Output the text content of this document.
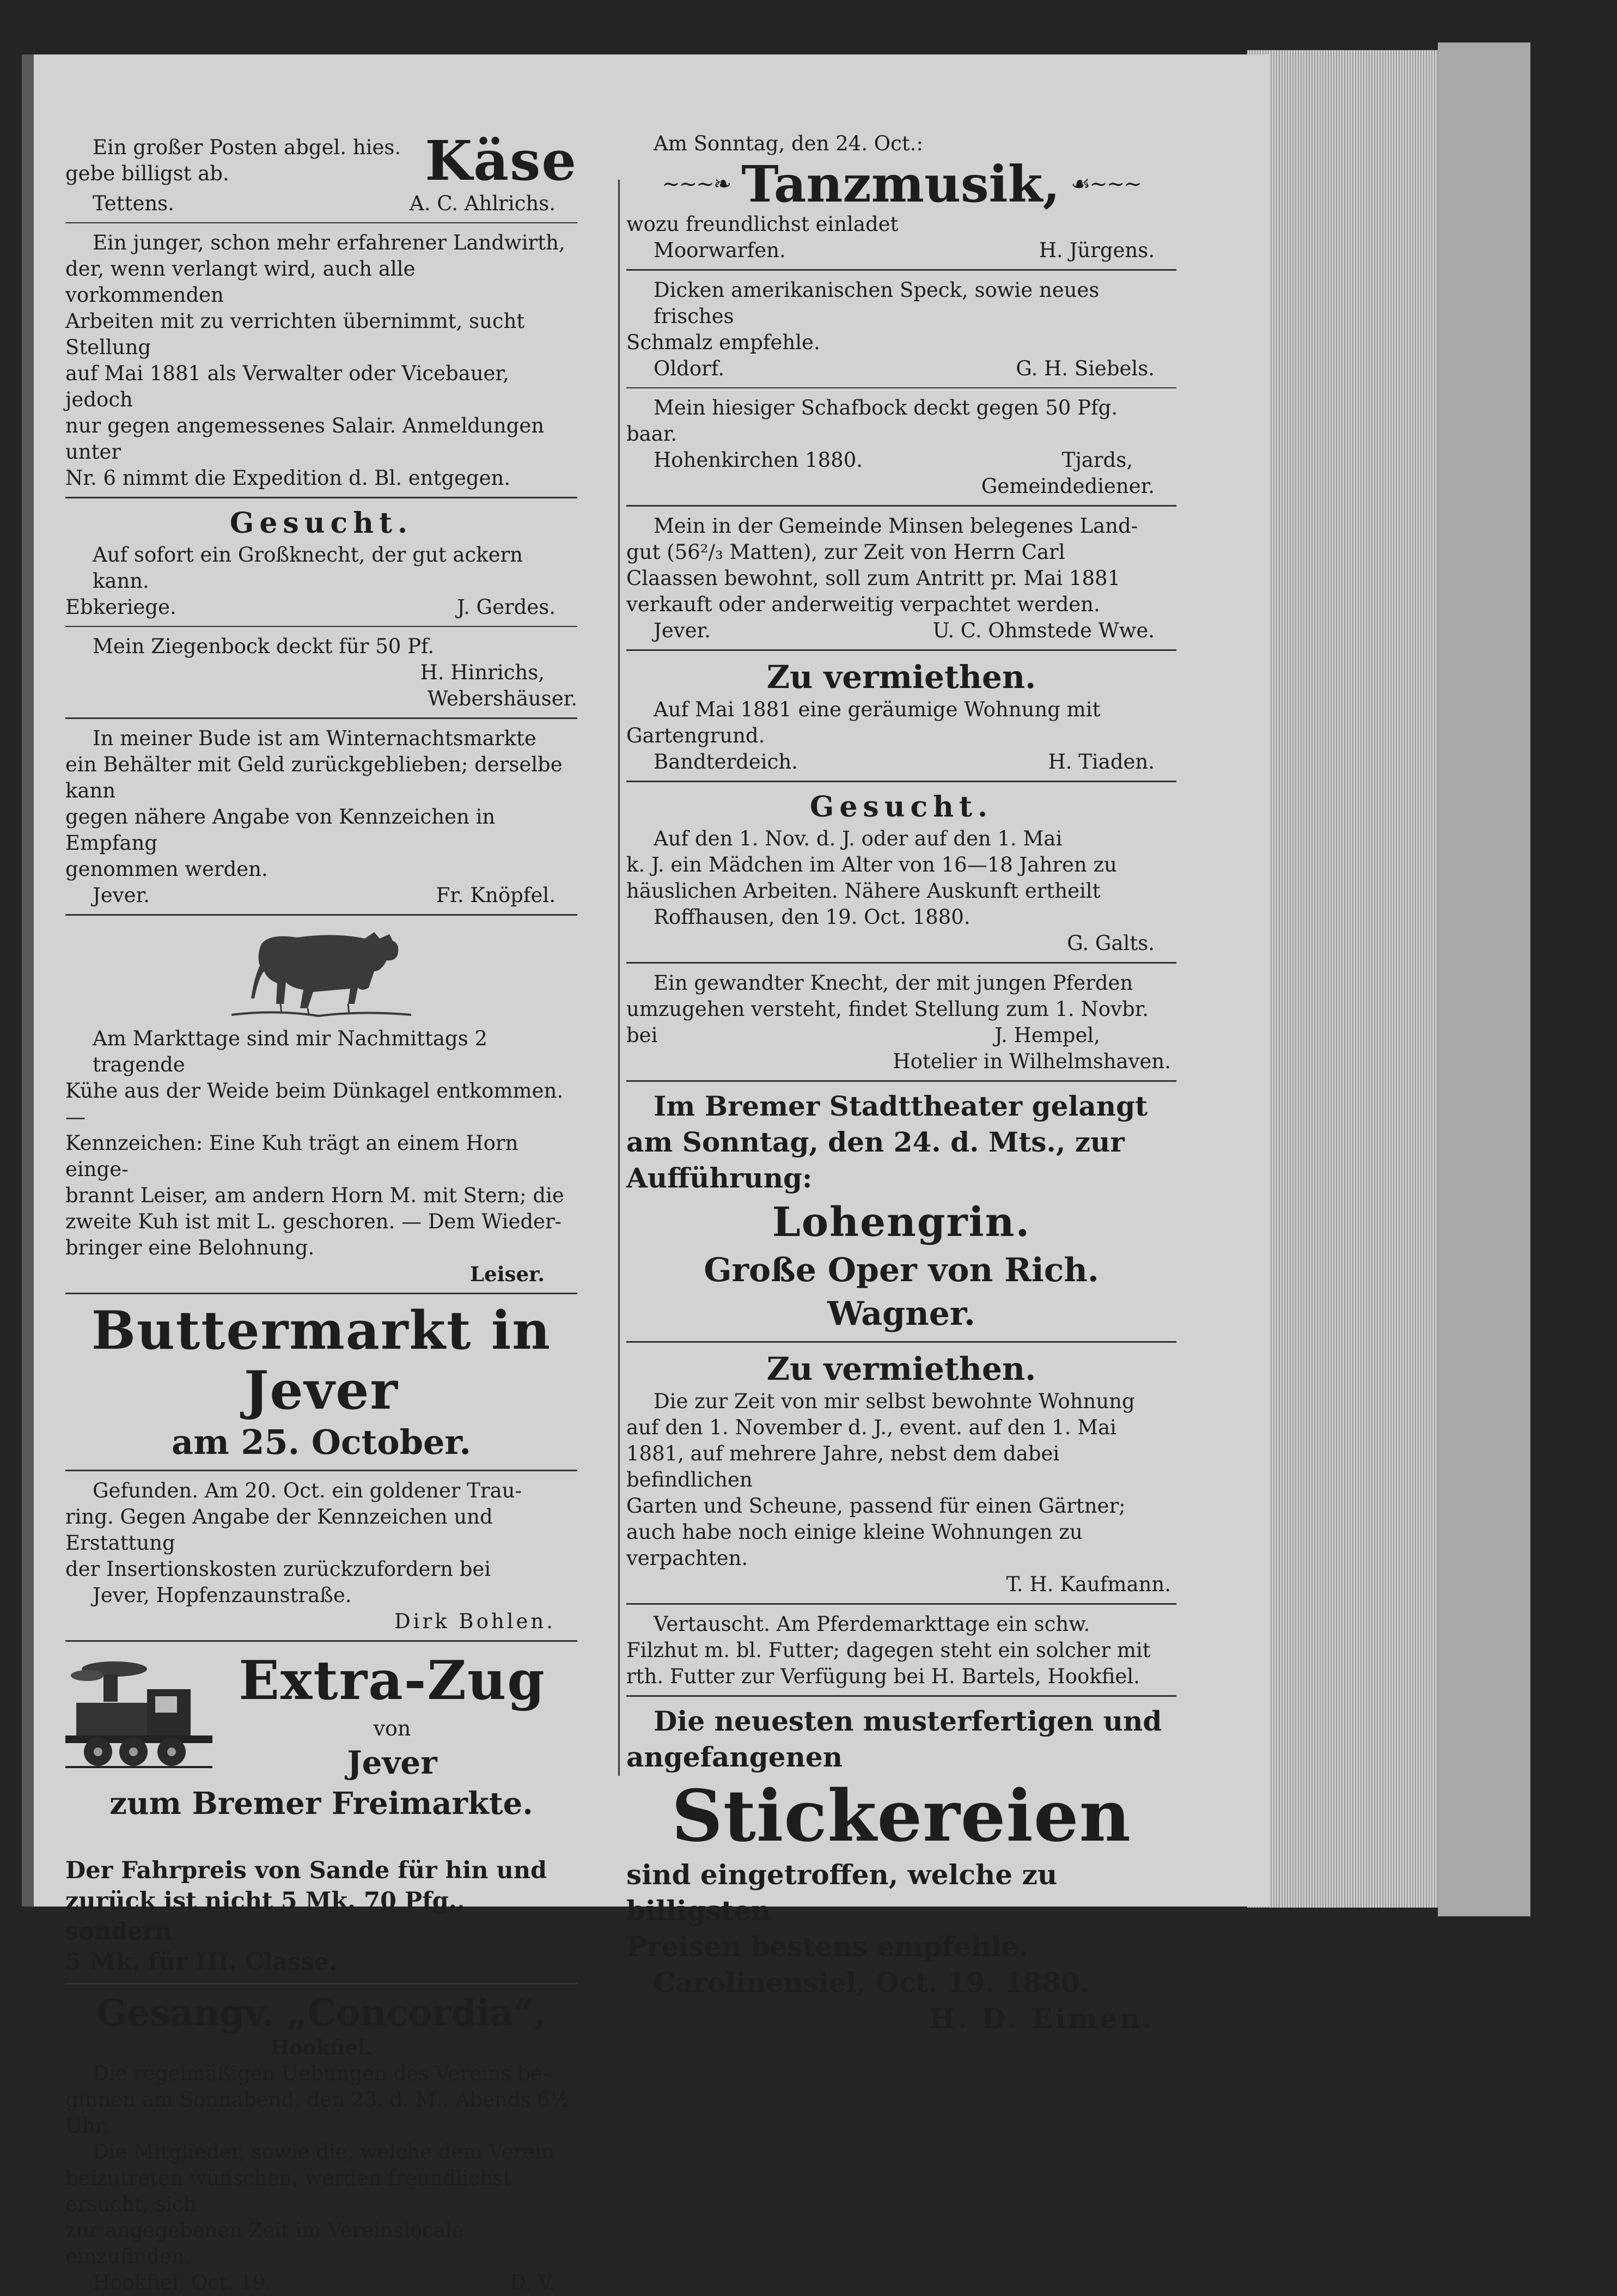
Ein großer Posten abgel. hies.

gebe billigst ab.	Käse
Tettens.	A. C. Ahlrichs.

Ein junger, schon mehr erfahrener Landwirth,

der, wenn verlangt wird, auch alle vorkommenden

Arbeiten mit zu verrichten übernimmt, sucht Stellung

auf Mai 1881 als Verwalter oder Vicebauer, jedoch

nur gegen angemessenes Salair. Anmeldungen unter

Nr. 6 nimmt die Expedition d. Bl. entgegen.

Gesucht.

Auf sofort ein Großknecht, der gut ackern kann.

Ebkeriege.	J. Gerdes.

Mein Ziegenbock deckt für 50 Pf.

H. Hinrichs,

Webershäuser.

In meiner Bude ist am Winternachtsmarkte

ein Behälter mit Geld zurückgeblieben; derselbe kann

gegen nähere Angabe von Kennzeichen in Empfang

genommen werden.

Jever.	Fr. Knöpfel.

Am Markttage sind mir Nachmittags 2 tragende

Kühe aus der Weide beim Dünkagel entkommen. —

Kennzeichen: Eine Kuh trägt an einem Horn einge-

brannt Leiser, am andern Horn M. mit Stern; die

zweite Kuh ist mit L. geschoren. — Dem Wieder-

bringer eine Belohnung.

Leiser.

Buttermarkt in Jever

am 25. October.

Gefunden. Am 20. Oct. ein goldener Trau-

ring. Gegen Angabe der Kennzeichen und Erstattung

der Insertionskosten zurückzufordern bei

Jever, Hopfenzaunstraße.

Dirk Bohlen.

Extra-Zug
von
Jever
zum Bremer Freimarkte.

Der Fahrpreis von Sande für hin und

zurück ist nicht 5 Mk. 70 Pfg., sondern

5 Mk. für III. Classe.

Gesangv. „Concordia“,

Hookfiel.

Die regelmäßigen Uebungen des Vereins be-

ginnen am Sonnabend, den 23. d. M., Abends 6½ Uhr.

Die Mitglieder, sowie die, welche dem Verein

beizutreten wünschen, werden freundlichst ersucht, sich

zur angegebenen Zeit im Vereinslocale einzufinden.

Hookfiel, Oct. 19.	D. V.

Am Sonntag, den 24. Oct.:

∼∼∼❧ Tanzmusik, ☙∼∼∼

wozu freundlichst einladet

Moorwarfen.	H. Jürgens.

Dicken amerikanischen Speck, sowie neues frisches

Schmalz empfehle.

Oldorf.	G. H. Siebels.

Mein hiesiger Schafbock deckt gegen 50 Pfg.

baar.

Hohenkirchen 1880.	Tjards,

Gemeindediener.

Mein in der Gemeinde Minsen belegenes Land-

gut (56²/₃ Matten), zur Zeit von Herrn Carl

Claassen bewohnt, soll zum Antritt pr. Mai 1881

verkauft oder anderweitig verpachtet werden.

Jever.	U. C. Ohmstede Wwe.

Zu vermiethen.

Auf Mai 1881 eine geräumige Wohnung mit

Gartengrund.

Bandterdeich.	H. Tiaden.

Gesucht.

Auf den 1. Nov. d. J. oder auf den 1. Mai

k. J. ein Mädchen im Alter von 16—18 Jahren zu

häuslichen Arbeiten. Nähere Auskunft ertheilt

Roffhausen, den 19. Oct. 1880.

G. Galts.

Ein gewandter Knecht, der mit jungen Pferden

umzugehen versteht, findet Stellung zum 1. Novbr.

bei	J. Hempel,

Hotelier in Wilhelmshaven.

Im Bremer Stadttheater gelangt

am Sonntag, den 24. d. Mts., zur

Aufführung:

Lohengrin.

Große Oper von Rich. Wagner.

Zu vermiethen.

Die zur Zeit von mir selbst bewohnte Wohnung

auf den 1. November d. J., event. auf den 1. Mai

1881, auf mehrere Jahre, nebst dem dabei befindlichen

Garten und Scheune, passend für einen Gärtner;

auch habe noch einige kleine Wohnungen zu verpachten.

T. H. Kaufmann.

Vertauscht. Am Pferdemarkttage ein schw.

Filzhut m. bl. Futter; dagegen steht ein solcher mit

rth. Futter zur Verfügung bei H. Bartels, Hookfiel.

Die neuesten musterfertigen und

angefangenen

Stickereien

sind eingetroffen, welche zu billigsten

Preisen bestens empfehle.

Carolinensiel, Oct. 19. 1880.

H. D. Eimen.
